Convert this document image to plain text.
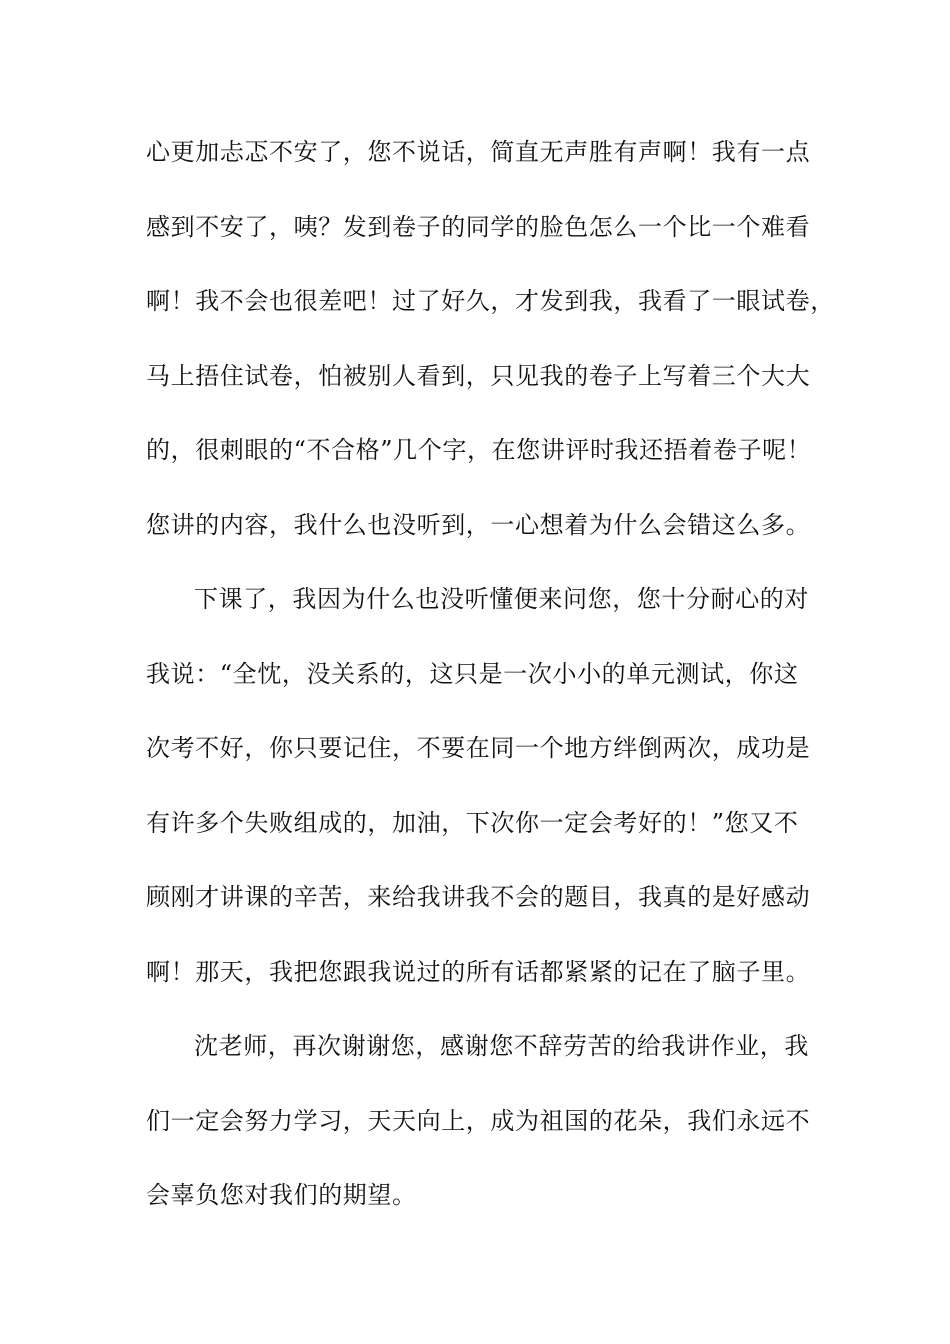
心更加忐忑不安了，您不说话，简直无声胜有声啊！我有一点
感到不安了，咦？发到卷子的同学的脸色怎么一个比一个难看
啊！我不会也很差吧！过了好久，才发到我，我看了一眼试卷，
马上捂住试卷，怕被别人看到，只见我的卷子上写着三个大大
的，很刺眼的“不合格”几个字，在您讲评时我还捂着卷子呢！
您讲的内容，我什么也没听到，一心想着为什么会错这么多。
下课了，我因为什么也没听懂便来问您，您十分耐心的对
我说：“全忱，没关系的，这只是一次小小的单元测试，你这
次考不好，你只要记住，不要在同一个地方绊倒两次，成功是
有许多个失败组成的，加油，下次你一定会考好的！”您又不
顾刚才讲课的辛苦，来给我讲我不会的题目，我真的是好感动
啊！那天，我把您跟我说过的所有话都紧紧的记在了脑子里。
沈老师，再次谢谢您，感谢您不辞劳苦的给我讲作业，我
们一定会努力学习，天天向上，成为祖国的花朵，我们永远不
会辜负您对我们的期望。
